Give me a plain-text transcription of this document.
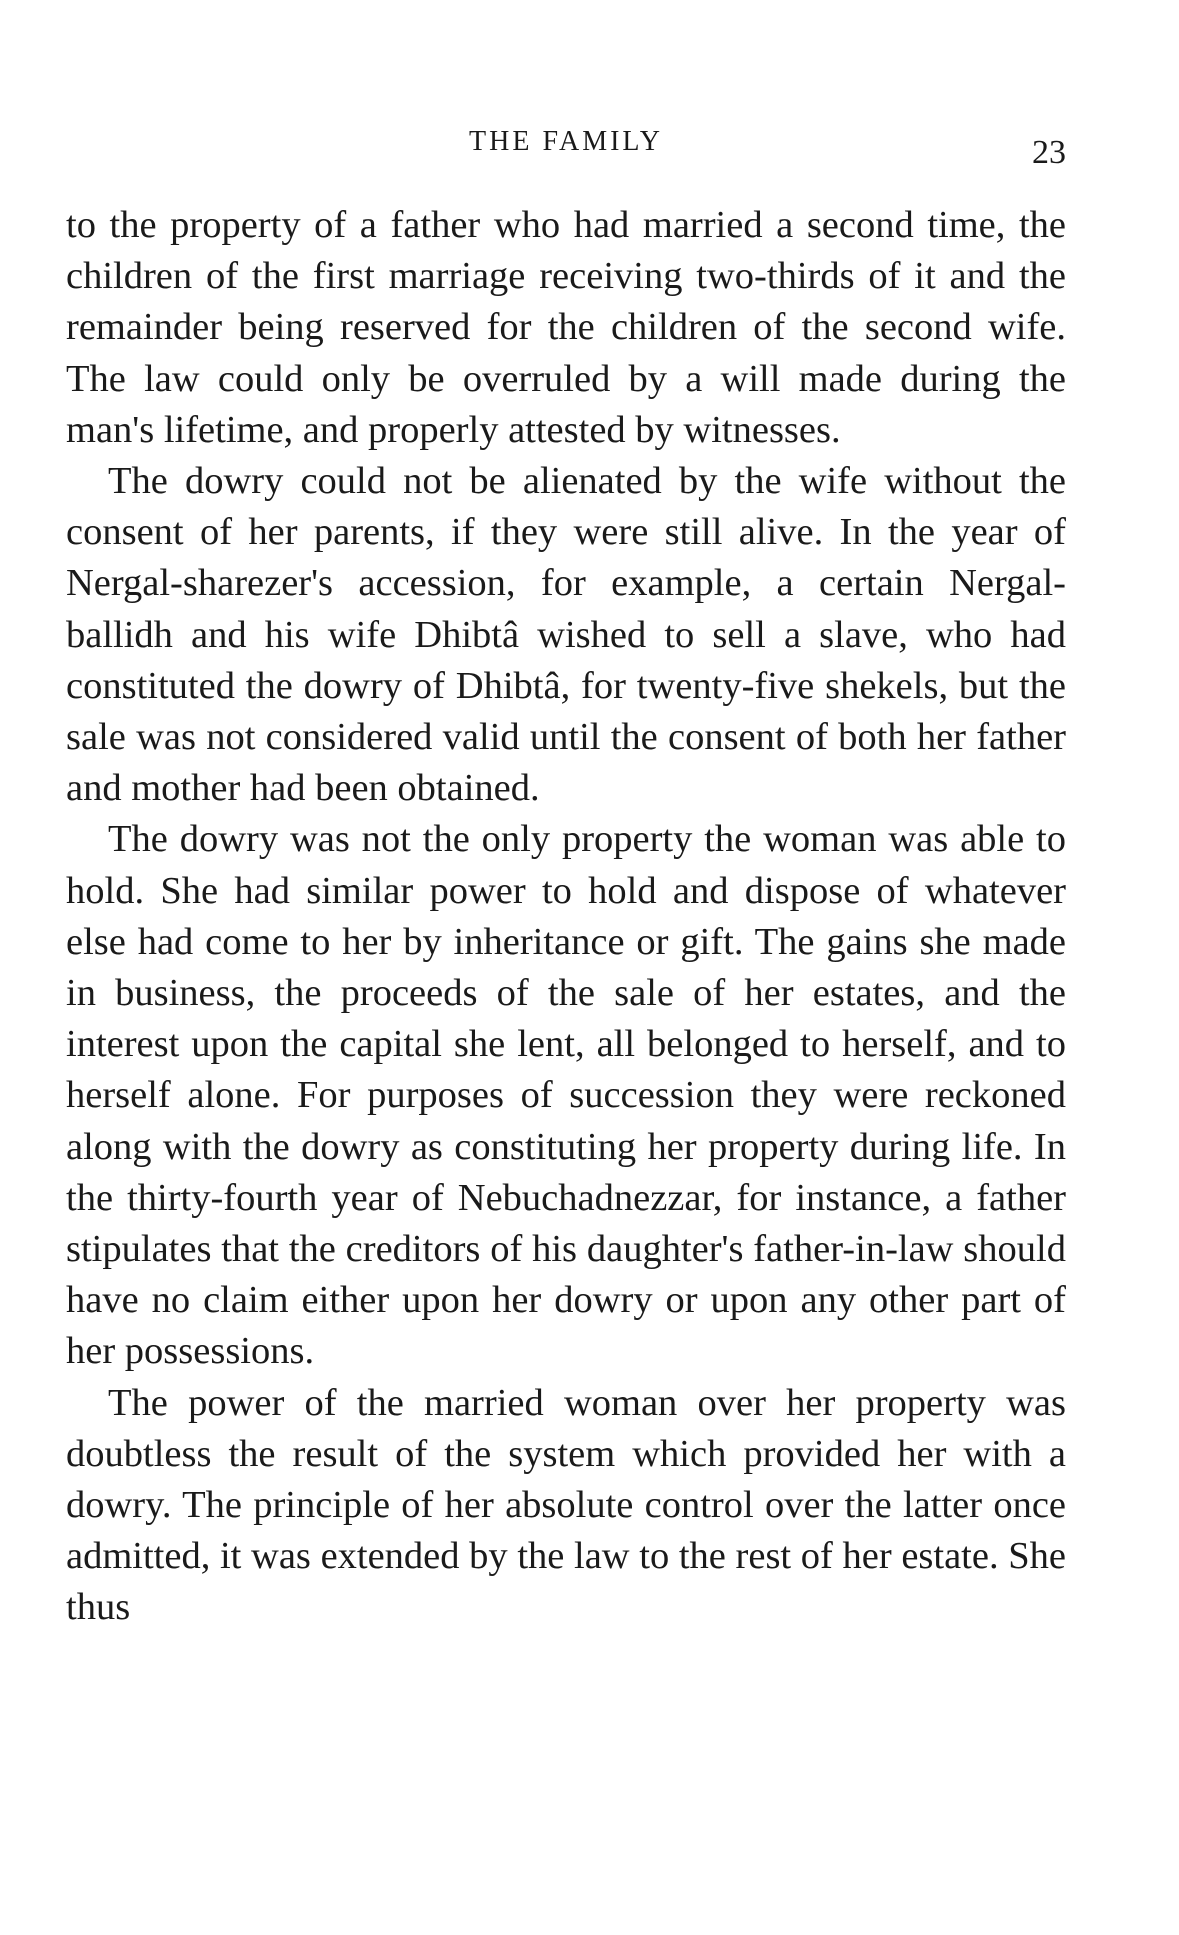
THE FAMILY	23

to the property of a father who had married a second time, the children of the first marriage receiving two-thirds of it and the remainder being reserved for the children of the second wife. The law could only be overruled by a will made during the man's lifetime, and properly attested by witnesses.

The dowry could not be alienated by the wife without the consent of her parents, if they were still alive. In the year of Nergal-sharezer's accession, for example, a certain Nergal-ballidh and his wife Dhibtâ wished to sell a slave, who had constituted the dowry of Dhibtâ, for twenty-five shekels, but the sale was not considered valid until the consent of both her father and mother had been obtained.

The dowry was not the only property the woman was able to hold. She had similar power to hold and dispose of whatever else had come to her by inheritance or gift. The gains she made in business, the proceeds of the sale of her estates, and the interest upon the capital she lent, all belonged to herself, and to herself alone. For purposes of succession they were reckoned along with the dowry as constituting her property during life. In the thirty-fourth year of Nebuchadnezzar, for instance, a father stipulates that the creditors of his daughter's father-in-law should have no claim either upon her dowry or upon any other part of her possessions.

The power of the married woman over her property was doubtless the result of the system which provided her with a dowry. The principle of her absolute control over the latter once admitted, it was extended by the law to the rest of her estate. She thus
